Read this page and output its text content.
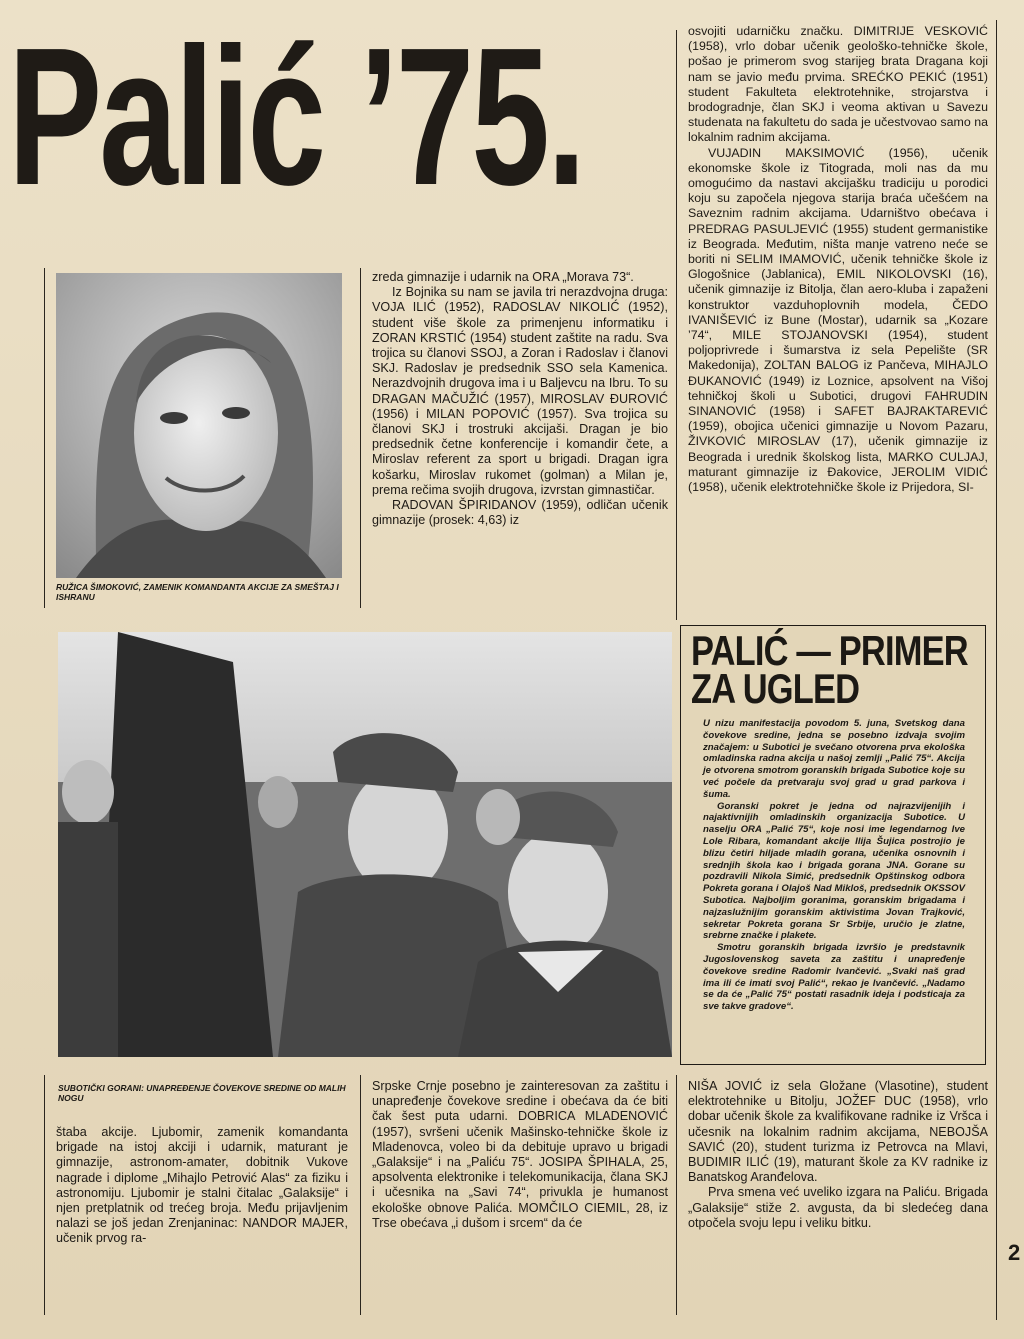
Palić ’75.
RUŽICA ŠIMOKOVIĆ, ZAMENIK KOMANDANTA AKCIJE ZA SMEŠTAJ I ISHRANU

zreda gimnazije i udarnik na ORA „Morava 73“.

Iz Bojnika su nam se javila tri nerazdvojna druga: VOJA ILIĆ (1952), RADOSLAV NIKOLIĆ (1952), student više škole za primenjenu informatiku i ZORAN KRSTIĆ (1954) student zaštite na radu. Sva trojica su članovi SSOJ, a Zoran i Radoslav i članovi SKJ. Radoslav je predsednik SSO sela Kamenica. Nerazdvojnih drugova ima i u Baljevcu na Ibru. To su DRAGAN MAČUŽIĆ (1957), MIROSLAV ĐUROVIĆ (1956) i MILAN POPOVIĆ (1957). Sva trojica su članovi SKJ i trostruki akcijaši. Dragan je bio predsednik četne konferencije i komandir čete, a Miroslav referent za sport u brigadi. Dragan igra košarku, Miroslav rukomet (golman) a Milan je, prema rečima svojih drugova, izvrstan gimnastičar.

RADOVAN ŠPIRIDANOV (1959), odličan učenik gimnazije (prosek: 4,63) iz

osvojiti udarničku značku. DIMITRIJE VESKOVIĆ (1958), vrlo dobar učenik geološko-tehničke škole, pošao je primerom svog starijeg brata Dragana koji nam se javio među prvima. SREĆKO PEKIĆ (1951) student Fakulteta elektrotehnike, strojarstva i brodogradnje, član SKJ i veoma aktivan u Savezu studenata na fakultetu do sada je učestvovao samo na lokalnim radnim akcijama.

VUJADIN MAKSIMOVIĆ (1956), učenik ekonomske škole iz Titograda, moli nas da mu omogućimo da nastavi akcijašku tradiciju u porodici koju su započela njegova starija braća učešćem na Saveznim radnim akcijama. Udarništvo obećava i PREDRAG PASULJEVIĆ (1955) student germanistike iz Beograda. Međutim, ništa manje vatreno neće se boriti ni SELIM IMAMOVIĆ, učenik tehničke škole iz Glogošnice (Jablanica), EMIL NIKOLOVSKI (16), učenik gimnazije iz Bitolja, član aero-kluba i zapaženi konstruktor vazduhoplovnih modela, ČEDO IVANIŠEVIĆ iz Bune (Mostar), udarnik sa „Kozare ’74“, MILE STOJANOVSKI (1954), student poljoprivrede i šumarstva iz sela Pepelište (SR Makedonija), ZOLTAN BALOG iz Pančeva, MIHAJLO ĐUKANOVIĆ (1949) iz Loznice, apsolvent na Višoj tehničkoj školi u Subotici, drugovi FAHRUDIN SINANOVIĆ (1958) i SAFET BAJRAKTAREVIĆ (1959), obojica učenici gimnazije u Novom Pazaru, ŽIVKOVIĆ MIROSLAV (17), učenik gimnazije iz Beograda i urednik školskog lista, MARKO CULJAJ, maturant gimnazije iz Đakovice, JEROLIM VIDIĆ (1958), učenik elektrotehničke škole iz Prijedora, SI-

SUBOTIČKI GORANI: UNAPREĐENJE ČOVEKOVE SREDINE OD MALIH NOGU
PALIĆ — PRIMER
ZA UGLED

U nizu manifestacija povodom 5. juna, Svetskog dana čovekove sredine, jedna se posebno izdvaja svojim značajem: u Subotici je svečano otvorena prva ekološka omladinska radna akcija u našoj zemlji „Palić 75“. Akcija je otvorena smotrom goranskih brigada Subotice koje su već počele da pretvaraju svoj grad u grad parkova i šuma.

Goranski pokret je jedna od najrazvijenijih i najaktivnijih omladinskih organizacija Subotice. U naselju ORA „Palić 75“, koje nosi ime legendarnog Ive Lole Ribara, komandant akcije Ilija Šujica postrojio je blizu četiri hiljade mladih gorana, učenika osnovnih i srednjih škola kao i brigada gorana JNA. Gorane su pozdravili Nikola Simić, predsednik Opštinskog odbora Pokreta gorana i Olajoš Nad Mikloš, predsednik OKSSOV Subotica. Najboljim goranima, goranskim brigadama i najzaslužnijim goranskim aktivistima Jovan Trajković, sekretar Pokreta gorana Sr Srbije, uručio je zlatne, srebrne značke i plakete.

Smotru goranskih brigada izvršio je predstavnik Jugoslovenskog saveta za zaštitu i unapređenje čovekove sredine Radomir Ivančević. „Svaki naš grad ima ili će imati svoj Palić“, rekao je Ivančević. „Nadamo se da će „Palić 75“ postati rasadnik ideja i podsticaja za sve takve gradove“.

štaba akcije. Ljubomir, zamenik komandanta brigade na istoj akciji i udarnik, maturant je gimnazije, astronom-amater, dobitnik Vukove nagrade i diplome „Mihajlo Petrović Alas“ za fiziku i astronomiju. Ljubomir je stalni čitalac „Galaksije“ i njen pretplatnik od trećeg broja. Među prijavljenim nalazi se još jedan Zrenjaninac: NANDOR MAJER, učenik prvog ra-

Srpske Crnje posebno je zainteresovan za zaštitu i unapređenje čovekove sredine i obećava da će biti čak šest puta udarni. DOBRICA MLADENOVIĆ (1957), svršeni učenik Mašinsko-tehničke škole iz Mladenovca, voleo bi da debituje upravo u brigadi „Galaksije“ i na „Paliću 75“. JOSIPA ŠPIHALA, 25, apsolventa elektronike i telekomunikacija, člana SKJ i učesnika na „Savi 74“, privukla je humanost ekološke obnove Palića. MOMČILO CIEMIL, 28, iz Trse obećava „i dušom i srcem“ da će

NIŠA JOVIĆ iz sela Gložane (Vlasotine), student elektrotehnike u Bitolju, JOŽEF DUC (1958), vrlo dobar učenik škole za kvalifikovane radnike iz Vršca i učesnik na lokalnim radnim akcijama, NEBOJŠA SAVIĆ (20), student turizma iz Petrovca na Mlavi, BUDIMIR ILIĆ (19), maturant škole za KV radnike iz Banatskog Aranđelova.

Prva smena već uveliko izgara na Paliću. Brigada „Galaksije“ stiže 2. avgusta, da bi sledećeg dana otpočela svoju lepu i veliku bitku.

2
